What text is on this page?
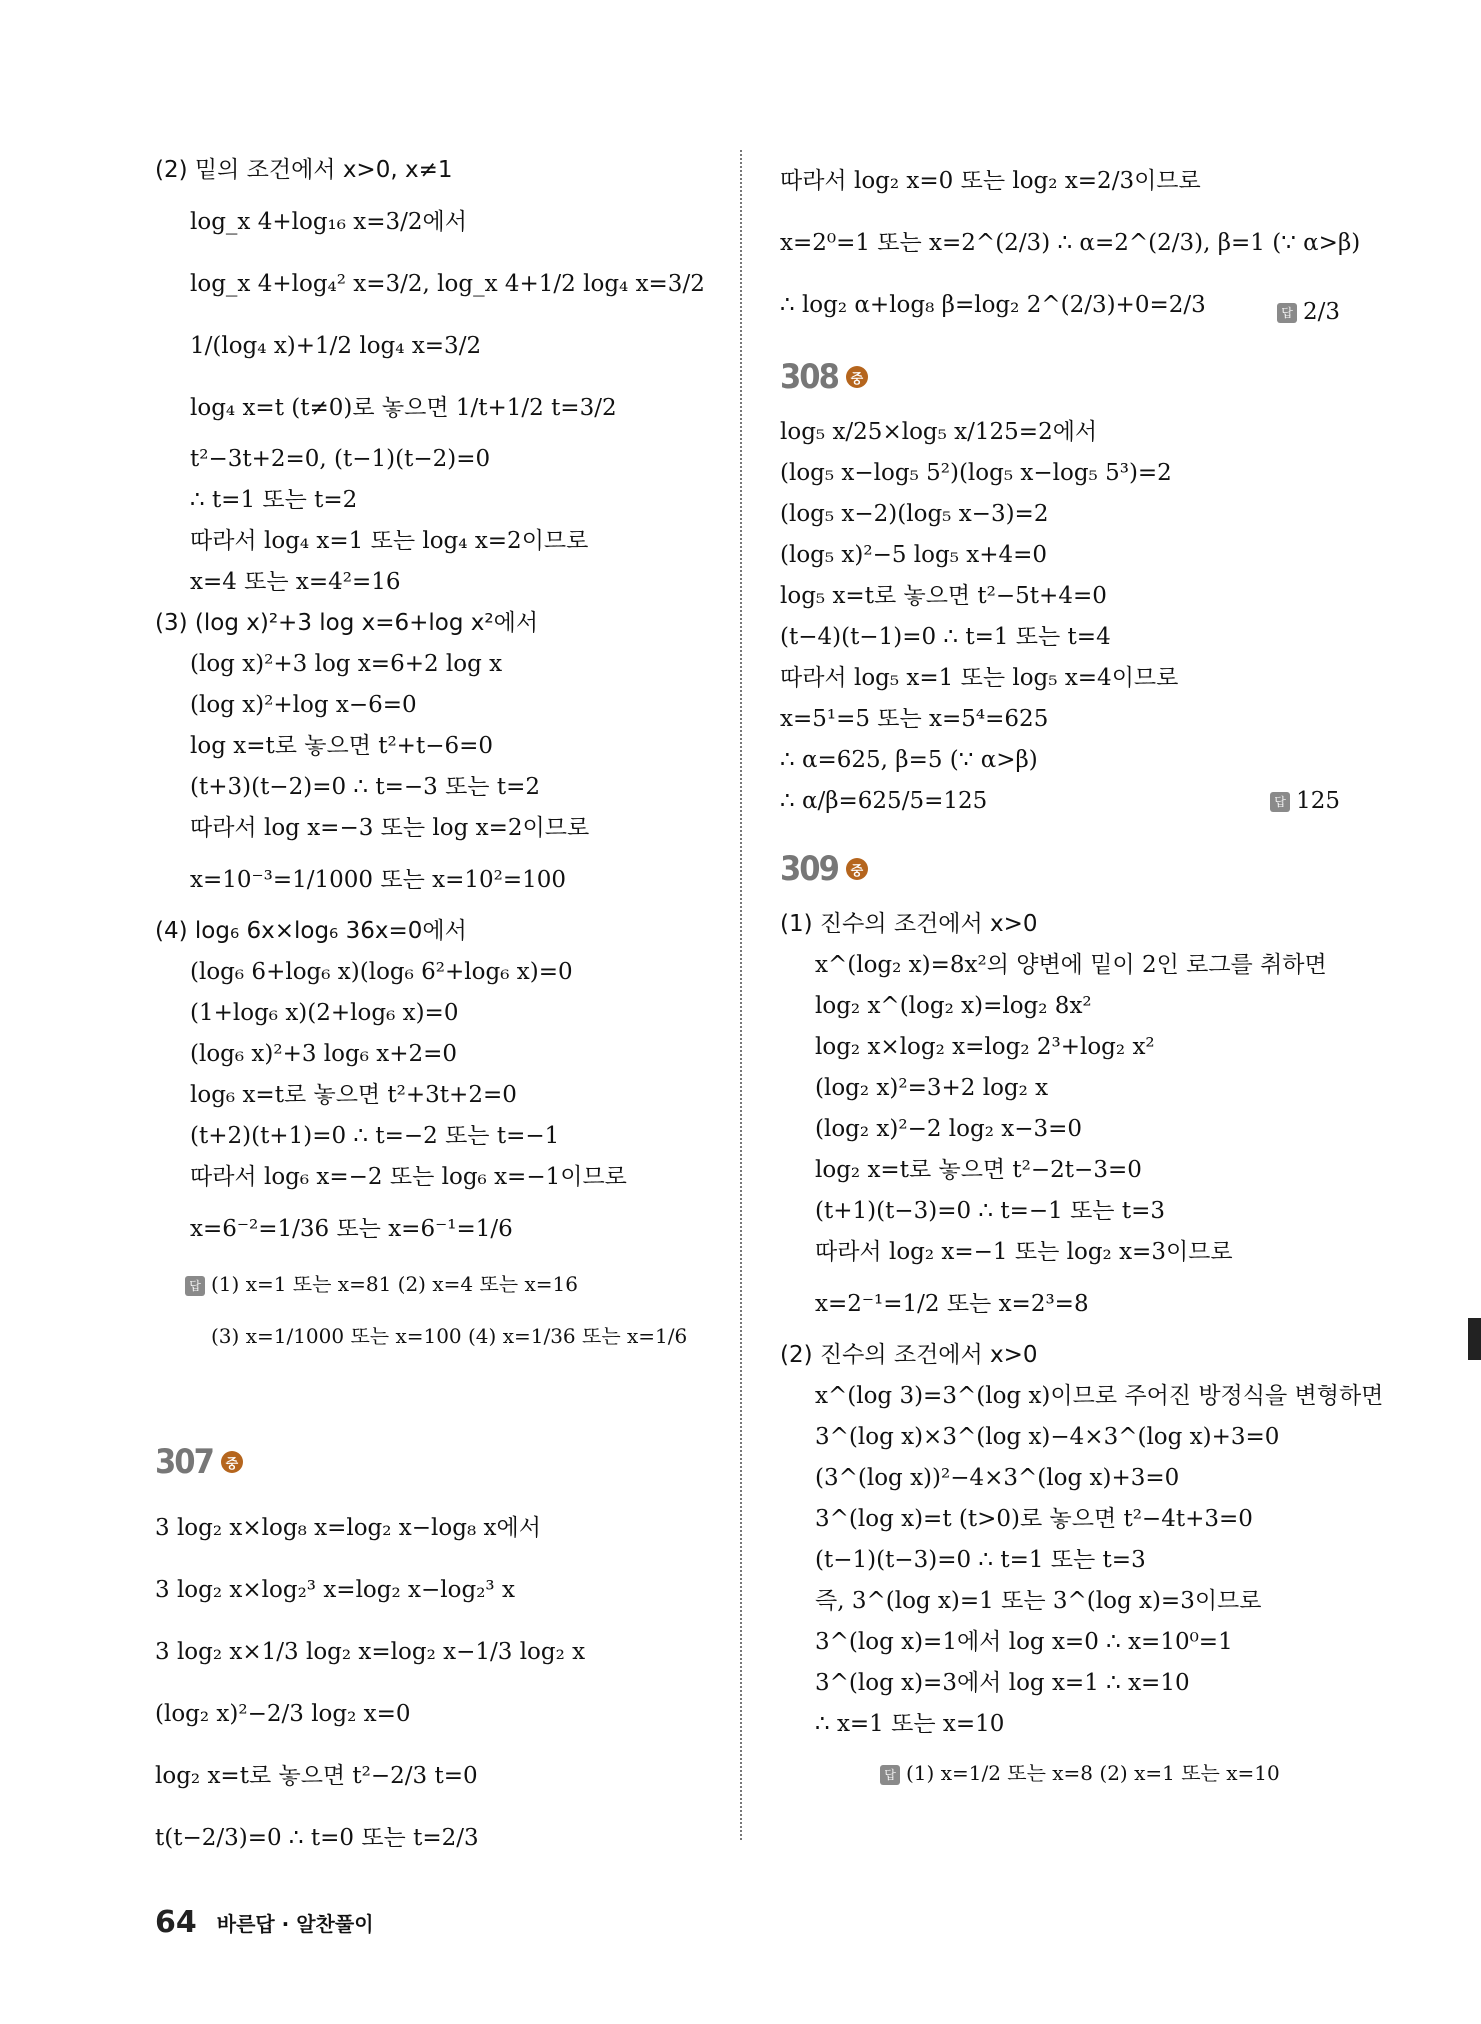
(2) 밑의 조건에서 x>0, x≠1
log_x 4+log₁₆ x=3/2에서
log_x 4+log₄² x=3/2, log_x 4+1/2 log₄ x=3/2
1/(log₄ x)+1/2 log₄ x=3/2
log₄ x=t (t≠0)로 놓으면 1/t+1/2 t=3/2
t²−3t+2=0, (t−1)(t−2)=0
∴ t=1 또는 t=2
따라서 log₄ x=1 또는 log₄ x=2이므로
x=4 또는 x=4²=16
(3) (log x)²+3 log x=6+log x²에서
(log x)²+3 log x=6+2 log x
(log x)²+log x−6=0
log x=t로 놓으면 t²+t−6=0
(t+3)(t−2)=0 ∴ t=−3 또는 t=2
따라서 log x=−3 또는 log x=2이므로
x=10⁻³=1/1000 또는 x=10²=100
(4) log₆ 6x×log₆ 36x=0에서
(log₆ 6+log₆ x)(log₆ 6²+log₆ x)=0
(1+log₆ x)(2+log₆ x)=0
(log₆ x)²+3 log₆ x+2=0
log₆ x=t로 놓으면 t²+3t+2=0
(t+2)(t+1)=0 ∴ t=−2 또는 t=−1
따라서 log₆ x=−2 또는 log₆ x=−1이므로
x=6⁻²=1/36 또는 x=6⁻¹=1/6
답 (1) x=1 또는 x=81 (2) x=4 또는 x=16
(3) x=1/1000 또는 x=100 (4) x=1/36 또는 x=1/6
307 중
3 log₂ x×log₈ x=log₂ x−log₈ x에서
3 log₂ x×log₂³ x=log₂ x−log₂³ x
3 log₂ x×1/3 log₂ x=log₂ x−1/3 log₂ x
(log₂ x)²−2/3 log₂ x=0
log₂ x=t로 놓으면 t²−2/3 t=0
t(t−2/3)=0 ∴ t=0 또는 t=2/3
따라서 log₂ x=0 또는 log₂ x=2/3이므로
x=2⁰=1 또는 x=2^(2/3) ∴ α=2^(2/3), β=1 (∵ α>β)
∴ log₂ α+log₈ β=log₂ 2^(2/3)+0=2/3	답 2/3
308 중
log₅ x/25×log₅ x/125=2에서
(log₅ x−log₅ 5²)(log₅ x−log₅ 5³)=2
(log₅ x−2)(log₅ x−3)=2
(log₅ x)²−5 log₅ x+4=0
log₅ x=t로 놓으면 t²−5t+4=0
(t−4)(t−1)=0 ∴ t=1 또는 t=4
따라서 log₅ x=1 또는 log₅ x=4이므로
x=5¹=5 또는 x=5⁴=625
∴ α=625, β=5 (∵ α>β)
∴ α/β=625/5=125	답 125
309 중
(1) 진수의 조건에서 x>0
x^(log₂ x)=8x²의 양변에 밑이 2인 로그를 취하면
log₂ x^(log₂ x)=log₂ 8x²
log₂ x×log₂ x=log₂ 2³+log₂ x²
(log₂ x)²=3+2 log₂ x
(log₂ x)²−2 log₂ x−3=0
log₂ x=t로 놓으면 t²−2t−3=0
(t+1)(t−3)=0 ∴ t=−1 또는 t=3
따라서 log₂ x=−1 또는 log₂ x=3이므로
x=2⁻¹=1/2 또는 x=2³=8
(2) 진수의 조건에서 x>0
x^(log 3)=3^(log x)이므로 주어진 방정식을 변형하면
3^(log x)×3^(log x)−4×3^(log x)+3=0
(3^(log x))²−4×3^(log x)+3=0
3^(log x)=t (t>0)로 놓으면 t²−4t+3=0
(t−1)(t−3)=0 ∴ t=1 또는 t=3
즉, 3^(log x)=1 또는 3^(log x)=3이므로
3^(log x)=1에서 log x=0 ∴ x=10⁰=1
3^(log x)=3에서 log x=1 ∴ x=10
∴ x=1 또는 x=10
답 (1) x=1/2 또는 x=8 (2) x=1 또는 x=10
64 바른답 · 알찬풀이
